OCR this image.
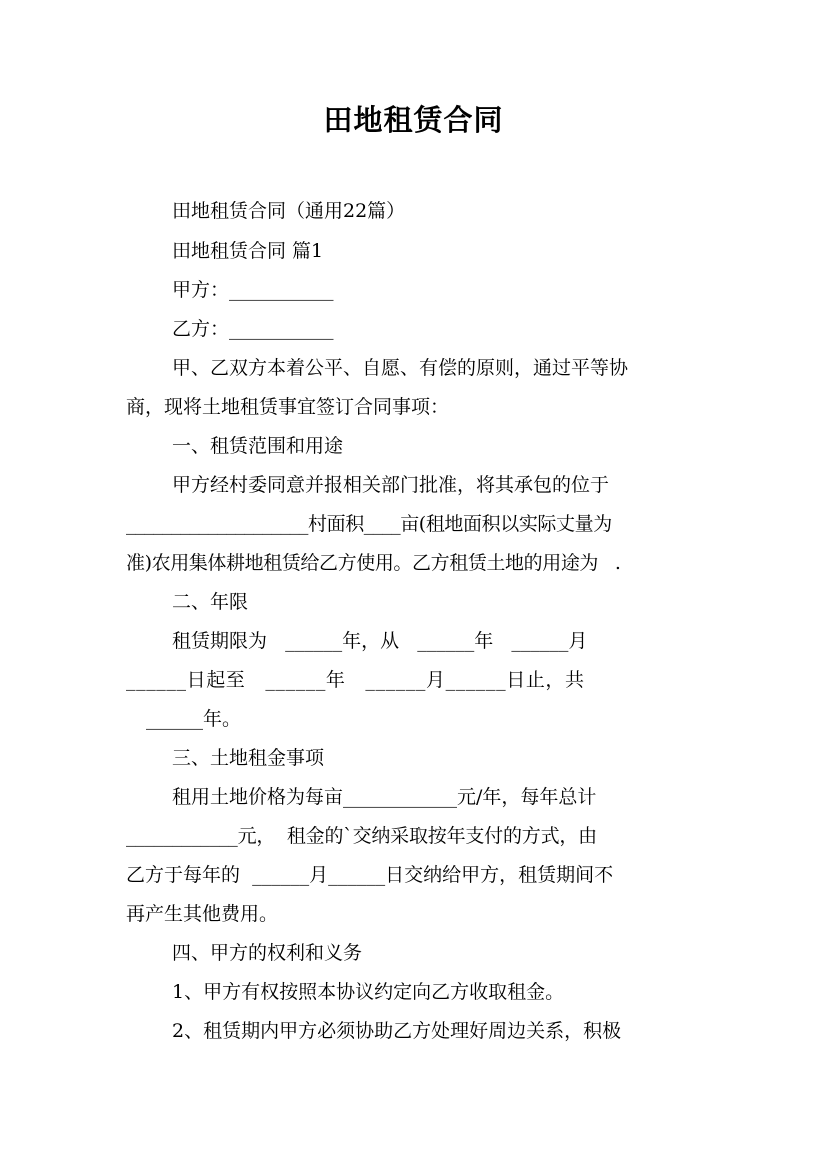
田地租赁合同
田地租赁合同（通用22篇）
田地租赁合同 篇1
甲方：___________
乙方：___________
甲、乙双方本着公平、自愿、有偿的原则，通过平等协
商，现将土地租赁事宜签订合同事项：
一、租赁范围和用途
甲方经村委同意并报相关部门批准，将其承包的位于
____________________村面积____亩(租地面积以实际丈量为
准)农用集体耕地租赁给乙方使用。乙方租赁土地的用途为   .
二、年限
租赁期限为   ______年，从   ______年   ______月
______日起至   ______年   ______月______日止，共
______年。
三、土地租金事项
租用土地价格为每亩____________元/年，每年总计
____________元，  租金的`交纳采取按年支付的方式，由
乙方于每年的  ______月______日交纳给甲方，租赁期间不
再产生其他费用。
四、甲方的权利和义务
1、甲方有权按照本协议约定向乙方收取租金。
2、租赁期内甲方必须协助乙方处理好周边关系，积极
